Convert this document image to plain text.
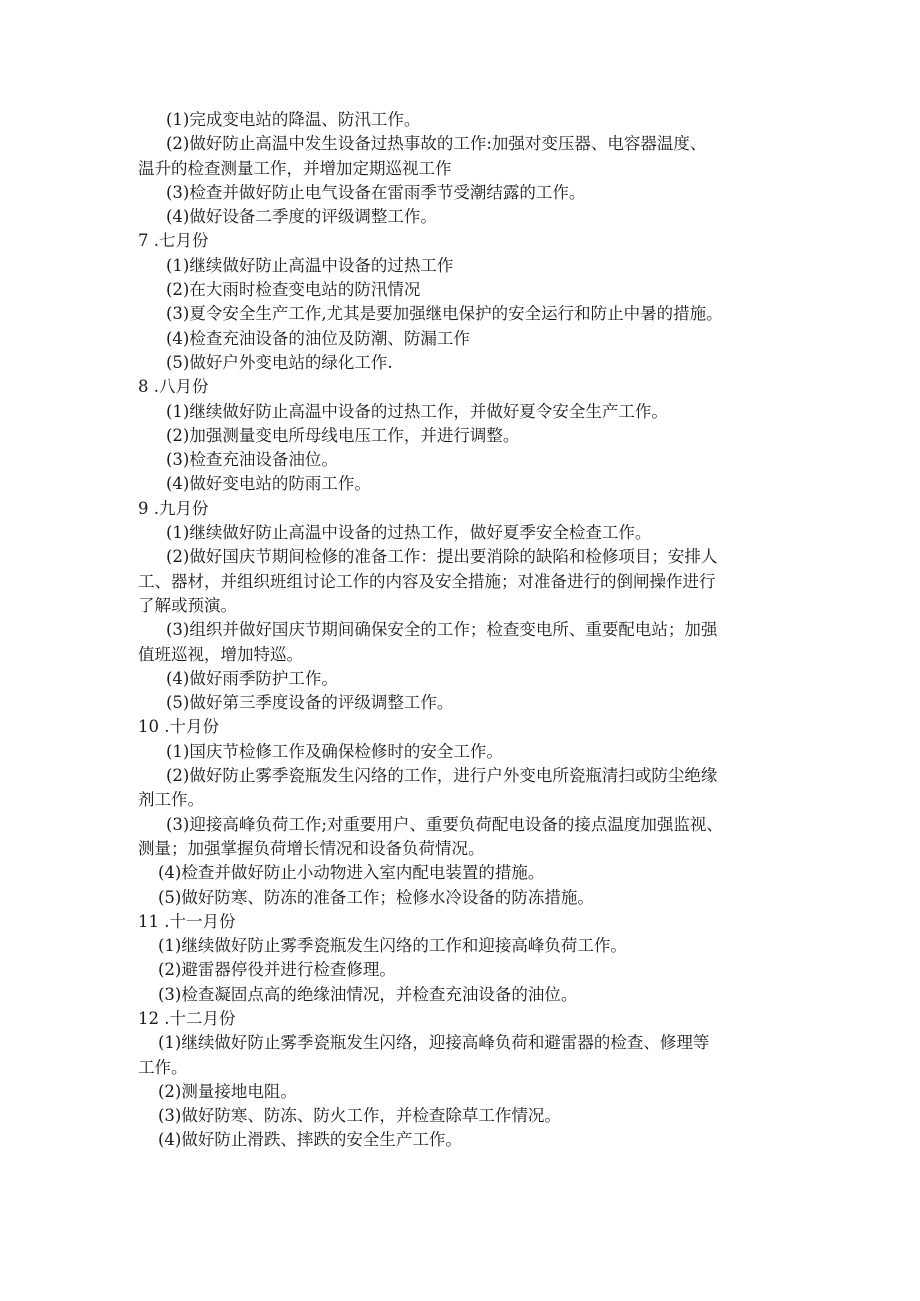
(1)完成变电站的降温、防汛工作。
(2)做好防止高温中发生设备过热事故的工作:加强对变压器、电容器温度、
温升的检查测量工作，并增加定期巡视工作
(3)检查并做好防止电气设备在雷雨季节受潮结露的工作。
(4)做好设备二季度的评级调整工作。
7 .七月份
(1)继续做好防止高温中设备的过热工作
(2)在大雨时检查变电站的防汛情况
(3)夏令安全生产工作,尤其是要加强继电保护的安全运行和防止中暑的措施。
(4)检查充油设备的油位及防潮、防漏工作
(5)做好户外变电站的绿化工作.
8 .八月份
(1)继续做好防止高温中设备的过热工作，并做好夏令安全生产工作。
(2)加强测量变电所母线电压工作，并进行调整。
(3)检查充油设备油位。
(4)做好变电站的防雨工作。
9 .九月份
(1)继续做好防止高温中设备的过热工作，做好夏季安全检查工作。
(2)做好国庆节期间检修的准备工作：提出要消除的缺陷和检修项目；安排人
工、器材，并组织班组讨论工作的内容及安全措施；对准备进行的倒闸操作进行
了解或预演。
(3)组织并做好国庆节期间确保安全的工作；检查变电所、重要配电站；加强
值班巡视，增加特巡。
(4)做好雨季防护工作。
(5)做好第三季度设备的评级调整工作。
10 .十月份
(1)国庆节检修工作及确保检修时的安全工作。
(2)做好防止雾季瓷瓶发生闪络的工作，进行户外变电所瓷瓶清扫或防尘绝缘
剂工作。
(3)迎接高峰负荷工作;对重要用户、重要负荷配电设备的接点温度加强监视、
测量；加强掌握负荷增长情况和设备负荷情况。
(4)检查并做好防止小动物进入室内配电装置的措施。
(5)做好防寒、防冻的准备工作；检修水冷设备的防冻措施。
11 .十一月份
(1)继续做好防止雾季瓷瓶发生闪络的工作和迎接高峰负荷工作。
(2)避雷器停役并进行检查修理。
(3)检查凝固点高的绝缘油情况，并检查充油设备的油位。
12 .十二月份
(1)继续做好防止雾季瓷瓶发生闪络，迎接高峰负荷和避雷器的检查、修理等
工作。
(2)测量接地电阻。
(3)做好防寒、防冻、防火工作，并检查除草工作情况。
(4)做好防止滑跌、摔跌的安全生产工作。
